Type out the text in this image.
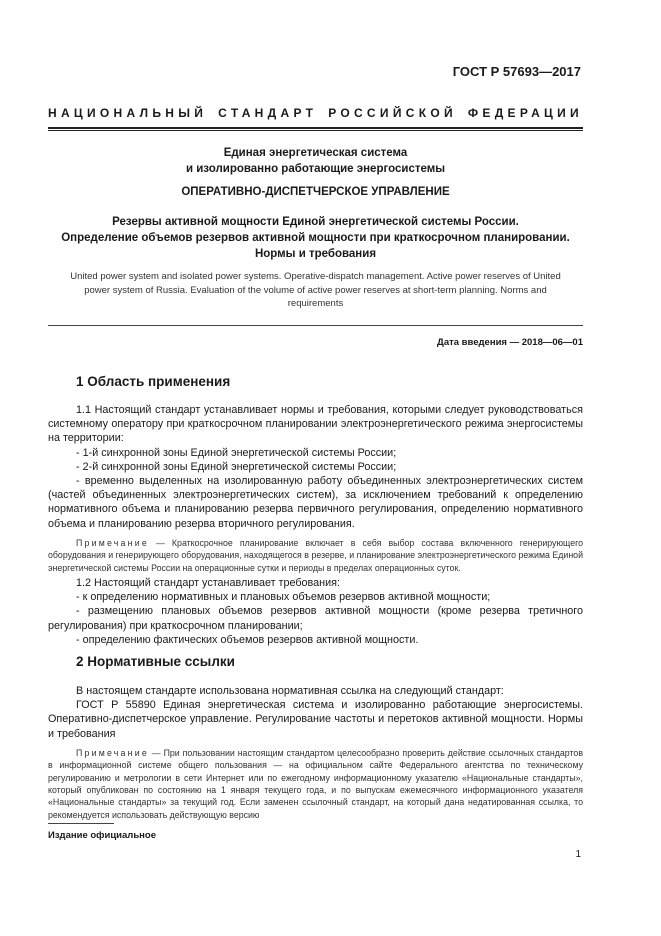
ГОСТ Р 57693—2017
НАЦИОНАЛЬНЫЙ СТАНДАРТ РОССИЙСКОЙ ФЕДЕРАЦИИ
Единая энергетическая система
и изолированно работающие энергосистемы
ОПЕРАТИВНО-ДИСПЕТЧЕРСКОЕ УПРАВЛЕНИЕ
Резервы активной мощности Единой энергетической системы России.
Определение объемов резервов активной мощности при краткосрочном планировании.
Нормы и требования
United power system and isolated power systems. Operative-dispatch management. Active power reserves of United
power system of Russia. Evaluation of the volume of active power reserves at short-term planning. Norms and
requirements
Дата введения — 2018—06—01
1 Область применения

1.1 Настоящий стандарт устанавливает нормы и требования, которыми следует руководствоваться системному оператору при краткосрочном планировании электроэнергетического режима энергосистемы на территории:

- 1-й синхронной зоны Единой энергетической системы России;

- 2-й синхронной зоны Единой энергетической системы России;

- временно выделенных на изолированную работу объединенных электроэнергетических систем (частей объединенных электроэнергетических систем), за исключением требований к определению нормативного объема и планированию резерва первичного регулирования, определению нормативного объема и планированию резерва вторичного регулирования.

Примечание — Краткосрочное планирование включает в себя выбор состава включенного генерирующего оборудования и генерирующего оборудования, находящегося в резерве, и планирование электроэнергетического режима Единой энергетической системы России на операционные сутки и периоды в пределах операционных суток.

1.2 Настоящий стандарт устанавливает требования:

- к определению нормативных и плановых объемов резервов активной мощности;

- размещению плановых объемов резервов активной мощности (кроме резерва третичного регулирования) при краткосрочном планировании;

- определению фактических объемов резервов активной мощности.

2 Нормативные ссылки

В настоящем стандарте использована нормативная ссылка на следующий стандарт:

ГОСТ Р 55890 Единая энергетическая система и изолированно работающие энергосистемы. Оперативно-диспетчерское управление. Регулирование частоты и перетоков активной мощности. Нормы и требования

Примечание — При пользовании настоящим стандартом целесообразно проверить действие ссылочных стандартов в информационной системе общего пользования — на официальном сайте Федерального агентства по техническому регулированию и метрологии в сети Интернет или по ежегодному информационному указателю «Национальные стандарты», который опубликован по состоянию на 1 января текущего года, и по выпускам ежемесячного информационного указателя «Национальные стандарты» за текущий год. Если заменен ссылочный стандарт, на который дана недатированная ссылка, то рекомендуется использовать действующую версию

Издание официальное
1
